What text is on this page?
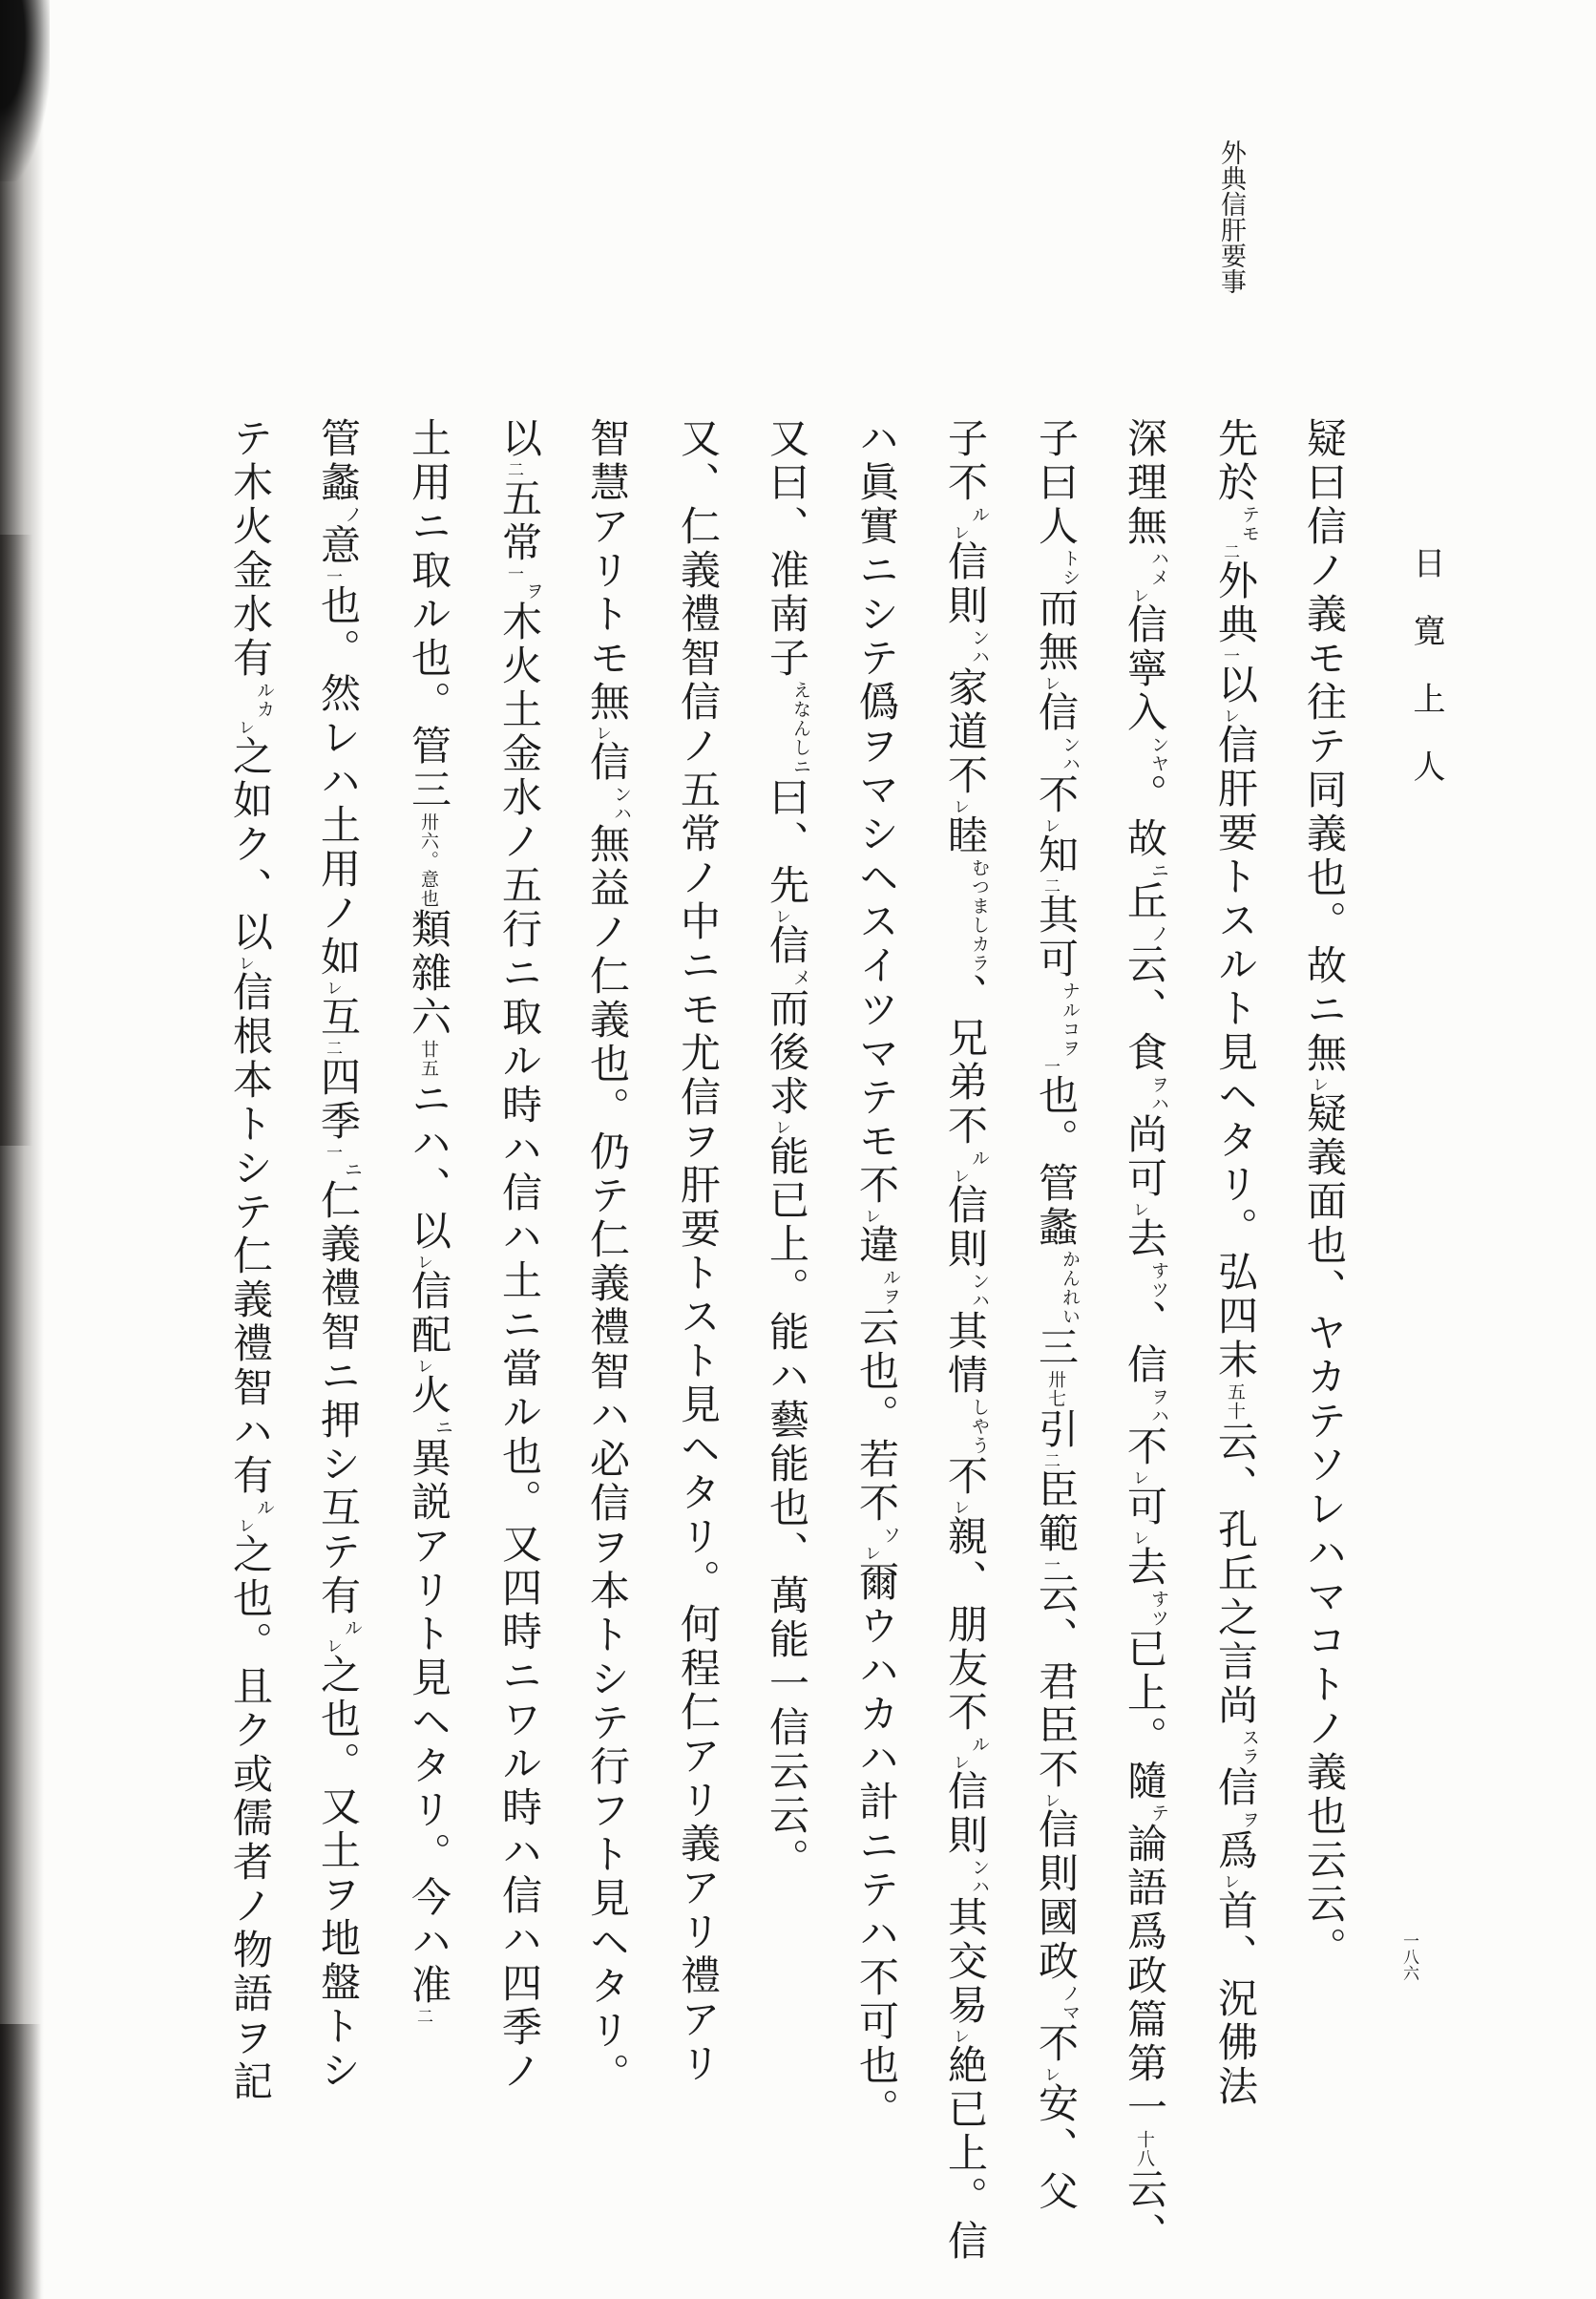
外典信肝要事
日寛上人
一八六
疑曰信ノ義モ往テ同義也。故ニ無レ疑義面也、ヤカテソレハマコトノ義也云云。
先於テモ二外典一以レ信肝要トスルト見ヘタリ。弘四末五十云、孔丘之言尚スラ信ヲ爲レ首、況佛法
深理無ハメレ信寧入ンヤ。故ニ丘ノ云、食ヲハ尚可レ去すツ、信ヲハ不レ可レ去すツ已上。隨テ論語爲政篇第一十八云、
子曰人トシ而無レ信ンハ不レ知二其可ナルコヲ一也。管蠡かんれい三卅七引二臣範一云、君臣不レ信則國政ノマ不レ安、父
子不ルレ信則ンハ家道不レ睦むつましカラ、兄弟不ルレ信則ンハ其情しやう不レ親、朋友不ルレ信則ンハ其交易レ絶已上。信
ハ眞實ニシテ僞ヲマシヘスイツマテモ不レ違ルヲ云也。若不ソレ爾ウハカハ計ニテハ不可也。
又曰、准南子えなんしニ曰、先レ信メ而後求レ能已上。能ハ藝能也、萬能一信云云。
又、仁義禮智信ノ五常ノ中ニモ尤信ヲ肝要トスト見ヘタリ。何程仁アリ義アリ禮アリ
智慧アリトモ無レ信ンハ無益ノ仁義也。仍テ仁義禮智ハ必信ヲ本トシテ行フト見ヘタリ。
以二五常一ヲ木火土金水ノ五行ニ取ル時ハ信ハ土ニ當ル也。又四時ニワル時ハ信ハ四季ノ
土用ニ取ル也。管三卅六。意也類雜六廿五ニハ、以レ信配レ火ニ異説アリト見ヘタリ。今ハ准二
管蠡ノ意一也。然レハ土用ノ如レ互二四季一ニ仁義禮智ニ押シ互テ有ルレ之也。又土ヲ地盤トシ
テ木火金水有ルカレ之如ク、以レ信根本トシテ仁義禮智ハ有ルレ之也。且ク或儒者ノ物語ヲ記
